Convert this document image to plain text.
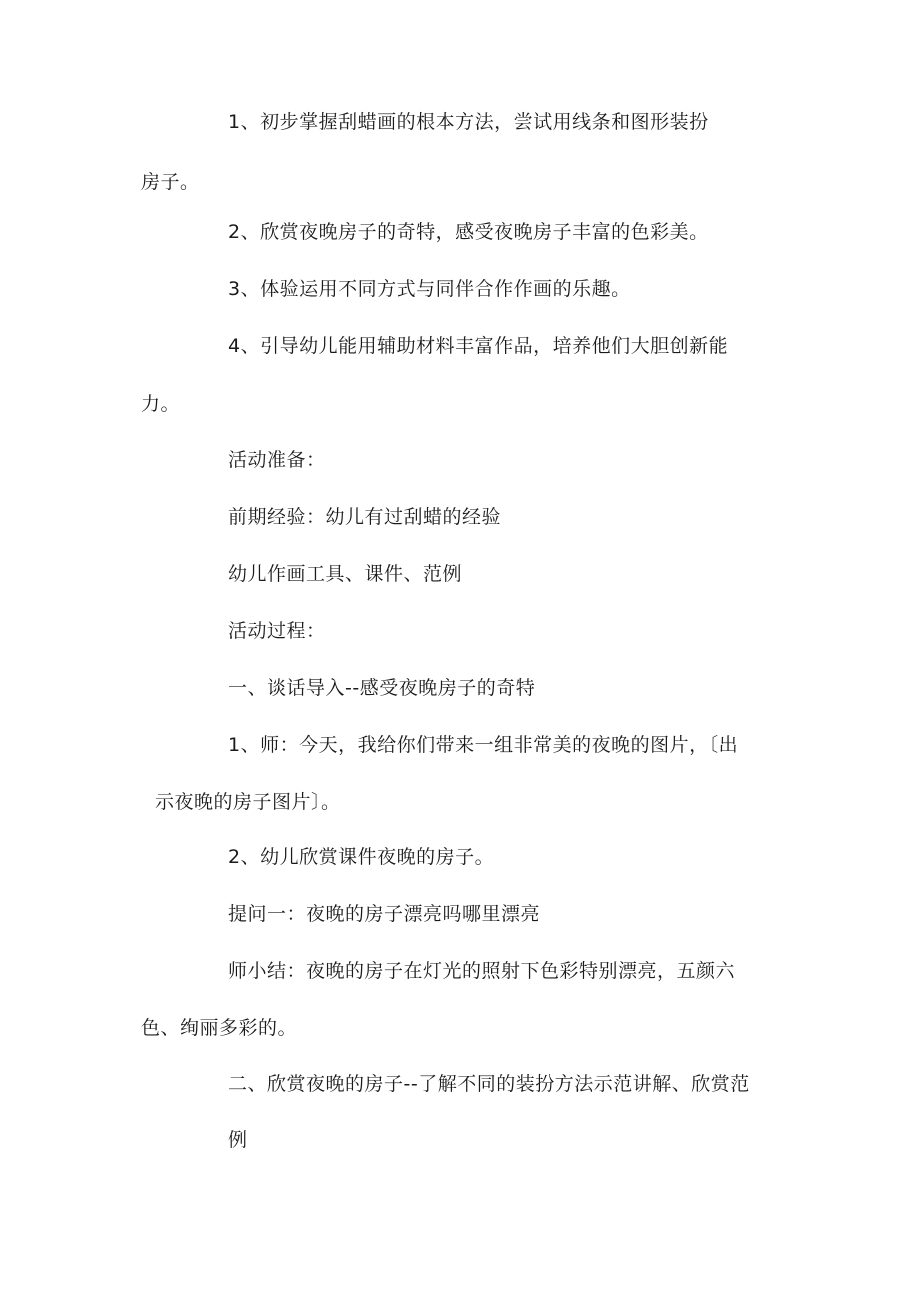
1、初步掌握刮蜡画的根本方法，尝试用线条和图形装扮
房子。
2、欣赏夜晚房子的奇特，感受夜晚房子丰富的色彩美。
3、体验运用不同方式与同伴合作作画的乐趣。
4、引导幼儿能用辅助材料丰富作品，培养他们大胆创新能
力。
活动准备：
前期经验：幼儿有过刮蜡的经验
幼儿作画工具、课件、范例
活动过程：
一、谈话导入--感受夜晚房子的奇特
1、师：今天，我给你们带来一组非常美的夜晚的图片，〔出
示夜晚的房子图片〕。
2、幼儿欣赏课件夜晚的房子。
提问一：夜晚的房子漂亮吗哪里漂亮
师小结：夜晚的房子在灯光的照射下色彩特别漂亮，五颜六
色、绚丽多彩的。
二、欣赏夜晚的房子--了解不同的装扮方法示范讲解、欣赏范
例
